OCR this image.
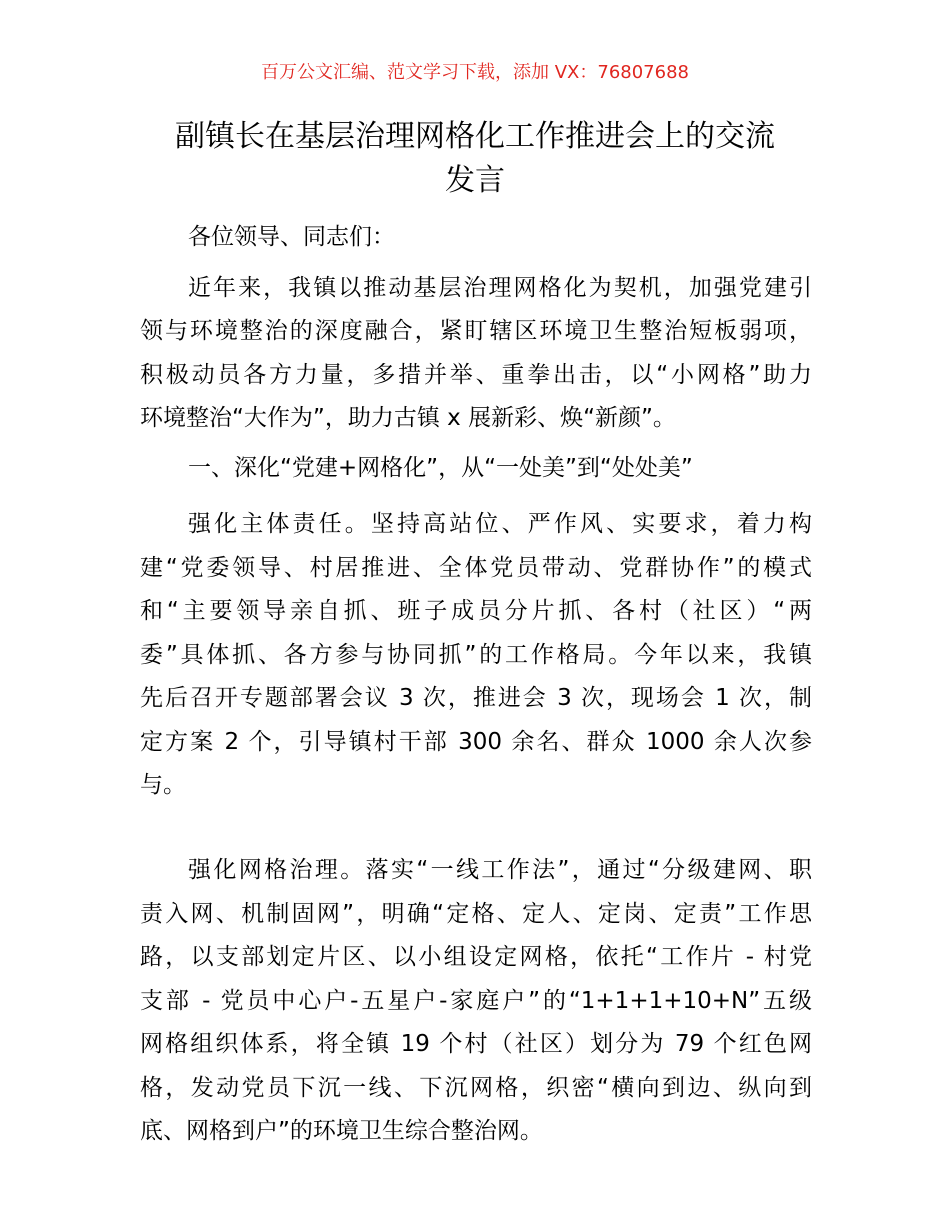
百万公文汇编、范文学习下载，添加 VX：76807688
副镇长在基层治理网格化工作推进会上的交流
发言
各位领导、同志们：
近年来，我镇以推动基层治理网格化为契机，加强党建引
领与环境整治的深度融合，紧盯辖区环境卫生整治短板弱项，
积极动员各方力量，多措并举、重拳出击，以“小网格”助力
环境整治“大作为”，助力古镇 x 展新彩、焕“新颜”。
一、深化“党建+网格化”，从“一处美”到“处处美”
强化主体责任。坚持高站位、严作风、实要求，着力构
建“党委领导、村居推进、全体党员带动、党群协作”的模式
和“主要领导亲自抓、班子成员分片抓、各村（社区）“两
委”具体抓、各方参与协同抓”的工作格局。今年以来，我镇
先后召开专题部署会议 3 次，推进会 3 次，现场会 1 次，制
定方案 2 个，引导镇村干部 300 余名、群众 1000 余人次参
与。
强化网格治理。落实“一线工作法”，通过“分级建网、职
责入网、机制固网”，明确“定格、定人、定岗、定责”工作思
路，以支部划定片区、以小组设定网格，依托“工作片 - 村党
支部 - 党员中心户-五星户-家庭户”的“1+1+1+10+N”五级
网格组织体系，将全镇 19 个村（社区）划分为 79 个红色网
格，发动党员下沉一线、下沉网格，织密“横向到边、纵向到
底、网格到户”的环境卫生综合整治网。
